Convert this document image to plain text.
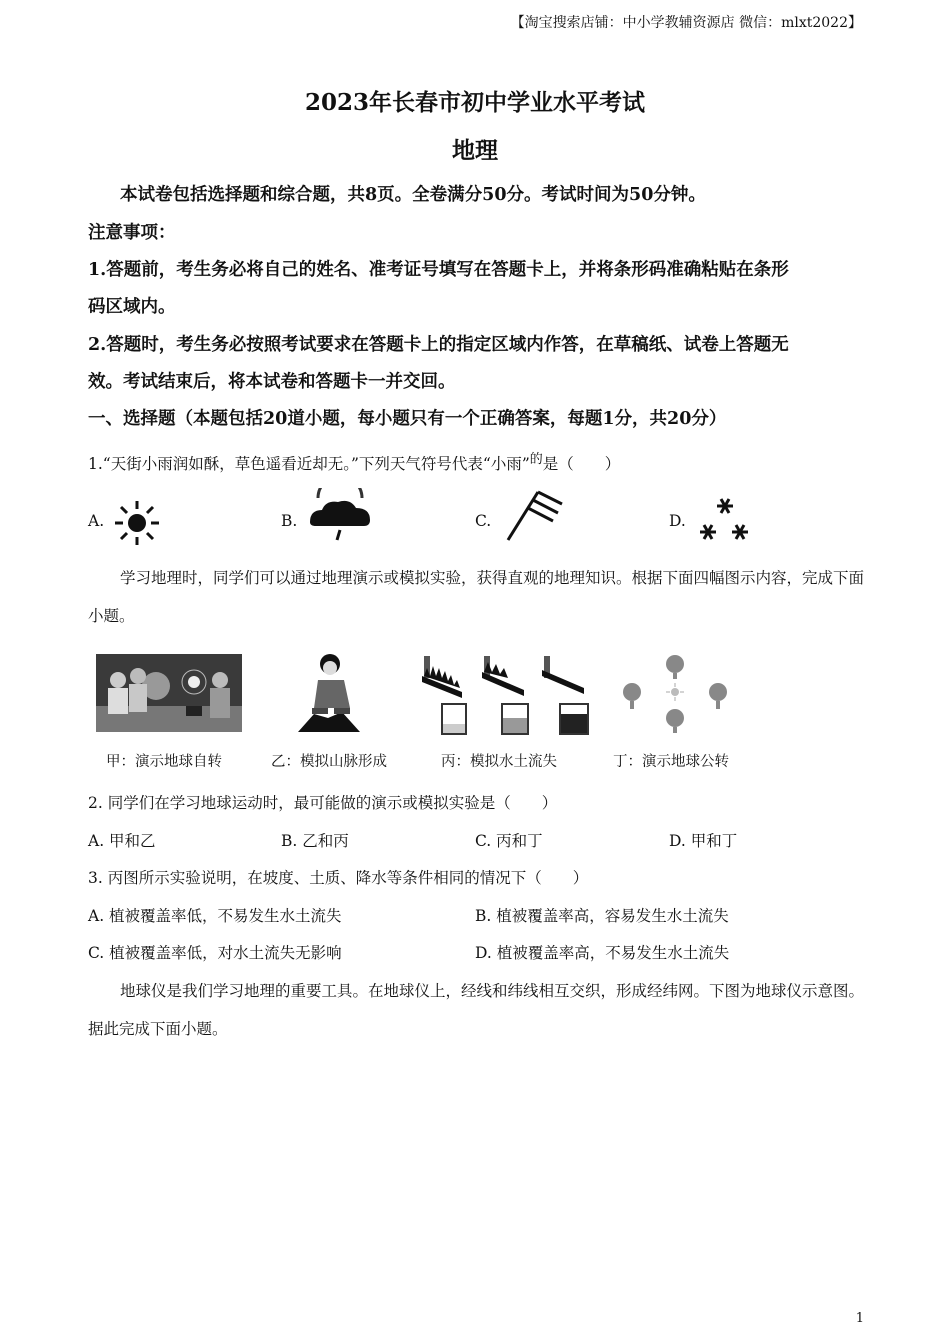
【淘宝搜索店铺：中小学教辅资源店 微信：mlxt2022】
2023年长春市初中学业水平考试
地理
本试卷包括选择题和综合题，共8页。全卷满分50分。考试时间为50分钟。
注意事项：
1.答题前，考生务必将自己的姓名、准考证号填写在答题卡上，并将条形码准确粘贴在条形
码区域内。
2.答题时，考生务必按照考试要求在答题卡上的指定区域内作答，在草稿纸、试卷上答题无
效。考试结束后，将本试卷和答题卡一并交回。
一、选择题（本题包括20道小题，每小题只有一个正确答案，每题1分，共20分）
1.“天街小雨润如酥，草色遥看近却无。”下列天气符号代表“小雨”$^的$是（　　）
A.	B.	C.	D.
学习地理时，同学们可以通过地理演示或模拟实验，获得直观的地理知识。根据下面四幅图示内容，完成下面小题。
甲：演示地球自转	乙：模拟山脉形成	丙：模拟水土流失	丁：演示地球公转
2. 同学们在学习地球运动时，最可能做的演示或模拟实验是（　　）
A. 甲和乙	B. 乙和丙	C. 丙和丁	D. 甲和丁
3. 丙图所示实验说明，在坡度、土质、降水等条件相同的情况下（　　）
A. 植被覆盖率低，不易发生水土流失	B. 植被覆盖率高，容易发生水土流失
C. 植被覆盖率低，对水土流失无影响	D. 植被覆盖率高，不易发生水土流失
地球仪是我们学习地理的重要工具。在地球仪上，经线和纬线相互交织，形成经纬网。下图为地球仪示意图。据此完成下面小题。
1
